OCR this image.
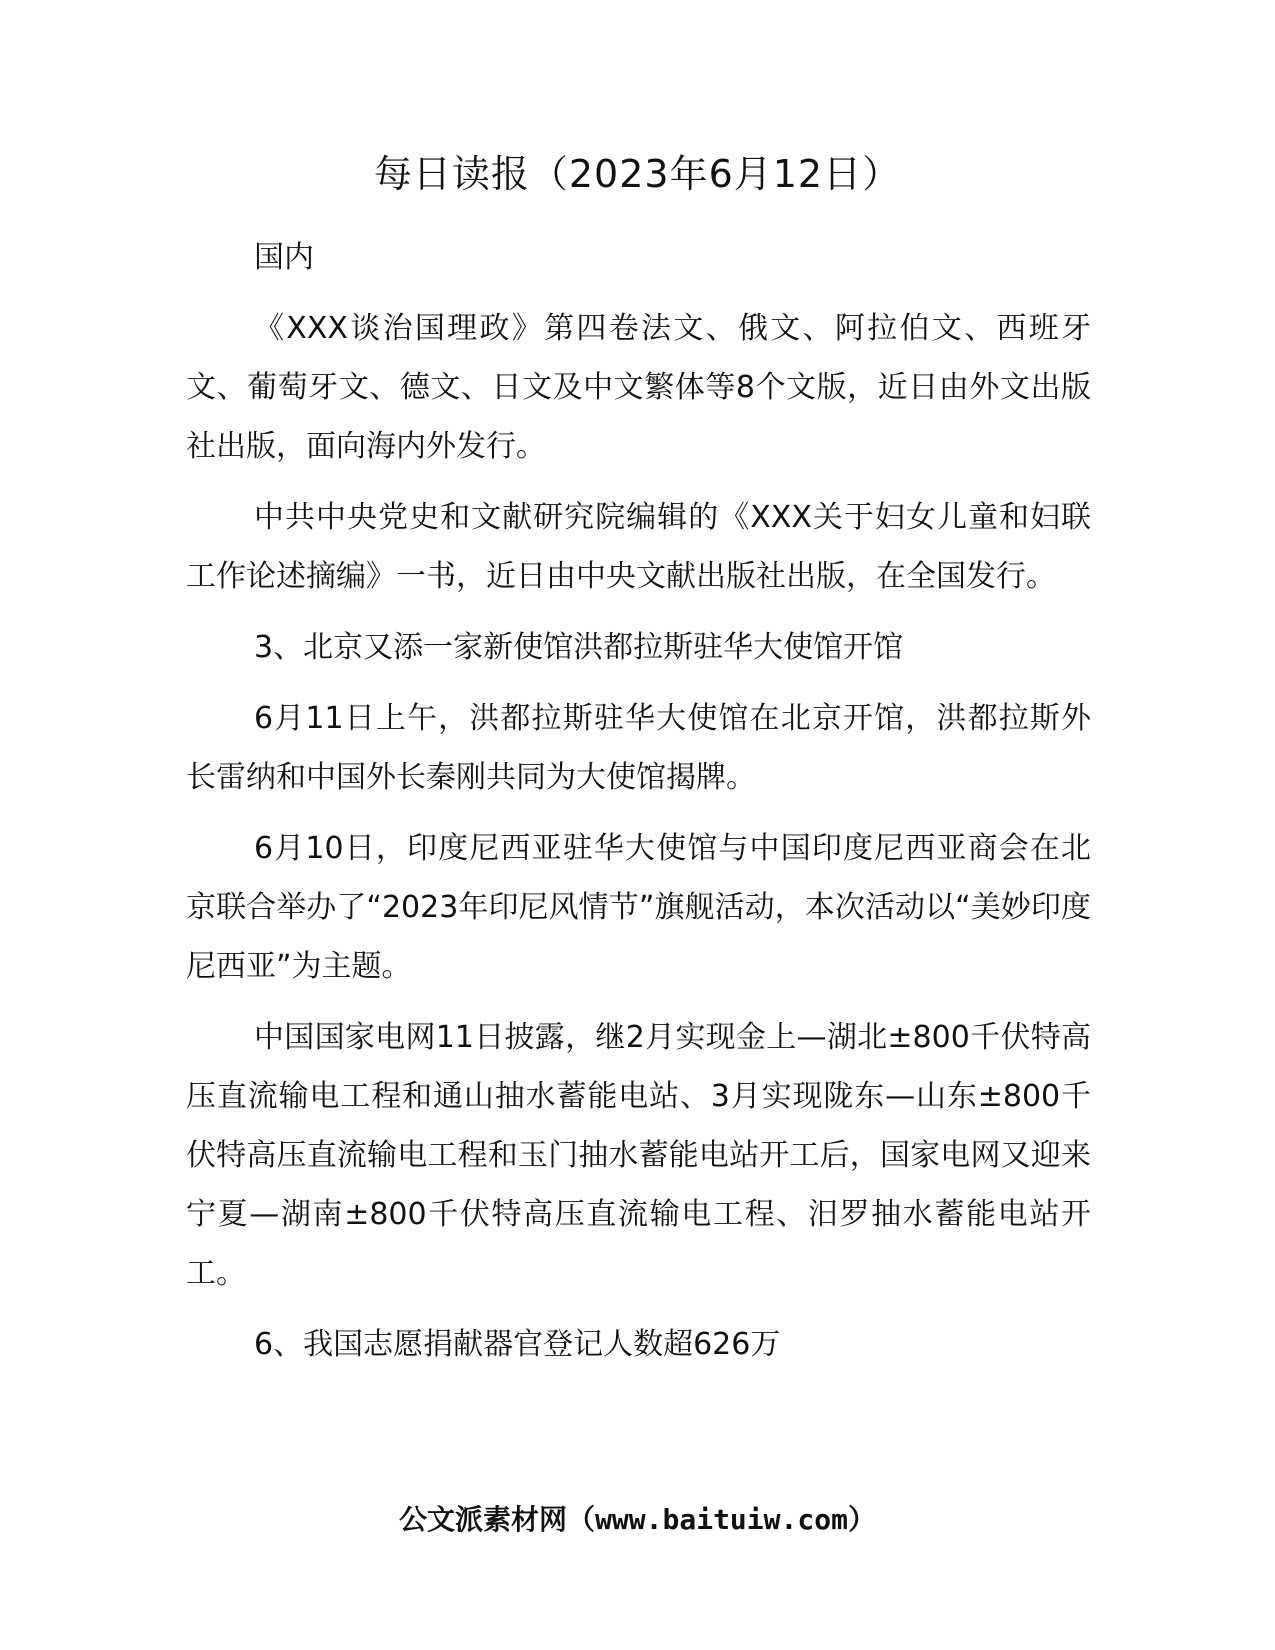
每日读报（2023年6月12日）

国内

《XXX谈治国理政》第四卷法文、俄文、阿拉伯文、西班牙文、葡萄牙文、德文、日文及中文繁体等8个文版，近日由外文出版社出版，面向海内外发行。

中共中央党史和文献研究院编辑的《XXX关于妇女儿童和妇联工作论述摘编》一书，近日由中央文献出版社出版，在全国发行。

3、北京又添一家新使馆洪都拉斯驻华大使馆开馆

6月11日上午，洪都拉斯驻华大使馆在北京开馆，洪都拉斯外长雷纳和中国外长秦刚共同为大使馆揭牌。

6月10日，印度尼西亚驻华大使馆与中国印度尼西亚商会在北京联合举办了“2023年印尼风情节”旗舰活动，本次活动以“美妙印度尼西亚”为主题。

中国国家电网11日披露，继2月实现金上—湖北±800千伏特高压直流输电工程和通山抽水蓄能电站、3月实现陇东—山东±800千伏特高压直流输电工程和玉门抽水蓄能电站开工后，国家电网又迎来宁夏—湖南±800千伏特高压直流输电工程、汨罗抽水蓄能电站开工。

6、我国志愿捐献器官登记人数超626万

公文派素材网（www.baituiw.com）
